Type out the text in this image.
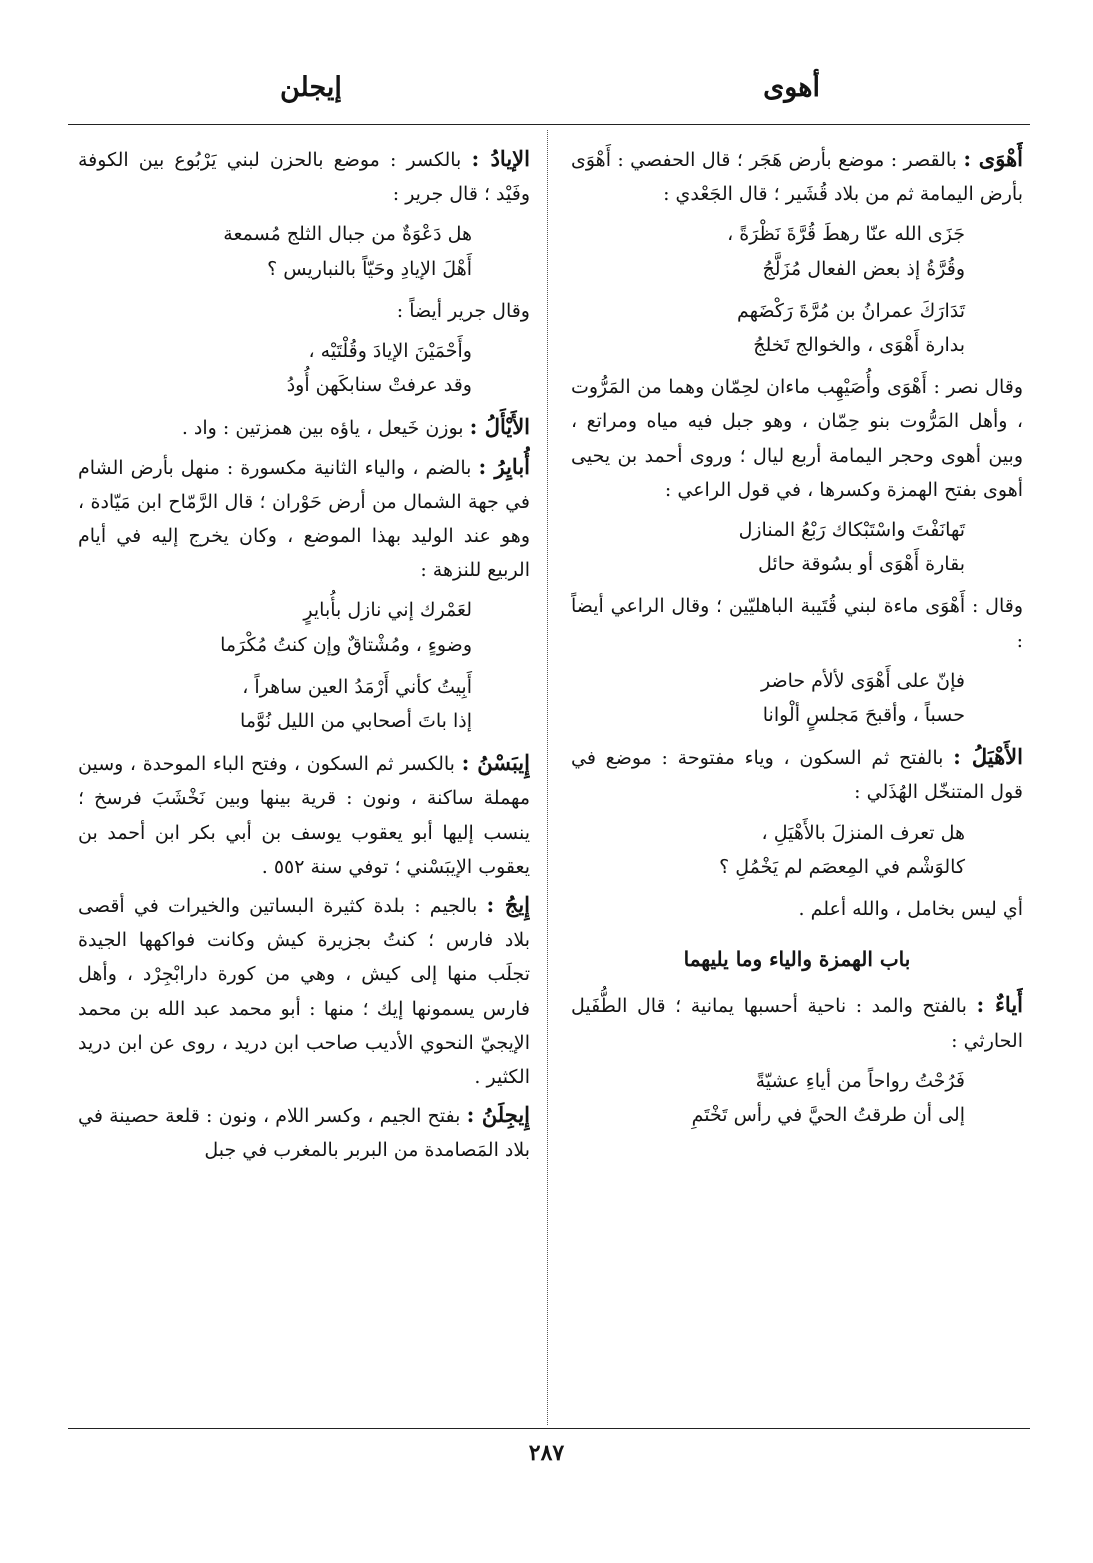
أهوى
إيجلن
أَهْوَى : بالقصر : موضع بأرض هَجَر ؛ قال الحفصي : أَهْوَى بأرض اليمامة ثم من بلاد قُشَير ؛ قال الجَعْدي :
جَزَى الله عنّا رهطَ قُرَّةَ نَظْرَةً ،
وقُرَّةُ إذ بعض الفعال مُزَلَّجُ
تَدَارَكَ عمرانُ بن مُرَّةَ رَكْضَهم
بدارة أَهْوَى ، والخوالج تَخلجُ
وقال نصر : أَهْوَى وأُصَيْهِب ماءان لحِمّان وهما من المَرُّوت ، وأهل المَرُّوت بنو حِمّان ، وهو جبل فيه مياه ومراتع ، وبين أهوى وحجر اليمامة أربع ليال ؛ وروى أحمد بن يحيى أهوى بفتح الهمزة وكسرها ، في قول الراعي :
تَهانَفْتَ واسْتَبْكاك رَبْعُ المنازل
بقارة أَهْوَى أو بسُوقة حائل
وقال : أَهْوَى ماءة لبني قُتَيبة الباهليّين ؛ وقال الراعي أيضاً :
فإنّ على أَهْوَى لألأم حاضر
حسباً ، وأقبحَ مَجلسٍ ألْوانا
الأَهْيَلُ : بالفتح ثم السكون ، وياء مفتوحة : موضع في قول المتنخّل الهُذَلي :
هل تعرف المنزلَ بالأَهْيَلِ ،
كالوَشْم في المِعصَم لم يَخْمُلِ ؟
أي ليس بخامل ، والله أعلم .
باب الهمزة والياء وما يليهما
أَياءٌ : بالفتح والمد : ناحية أحسبها يمانية ؛ قال الطُّفَيل الحارثي :
فَرُحْتُ رواحاً من أياءِ عشيّةً
إلى أن طرقتُ الحيَّ في رأس تَخْتَمِ
الإيادُ : بالكسر : موضع بالحزن لبني يَرْبُوع بين الكوفة وفَيْد ؛ قال جرير :
هل دَعْوَةٌ من جبال الثلج مُسمعة
أَهْلَ الإيادِ وحَيّاً بالنباريس ؟
وقال جرير أيضاً :
وأَحْمَيْنَ الإيادَ وقُلْتَيْه ،
وقد عرفتْ سنابكَهن أُودُ
الأَيْأَلُ : بوزن خَيعل ، ياؤه بين همزتين : واد .
أُبايِرُ : بالضم ، والياء الثانية مكسورة : منهل بأرض الشام في جهة الشمال من أرض حَوْران ؛ قال الرَّمّاح ابن مَيّادة ، وهو عند الوليد بهذا الموضع ، وكان يخرج إليه في أيام الربيع للنزهة :
لعَمْرك إني نازل بأُبايرٍ
وضوءٍ ، ومُشْتاقٌ وإن كنتُ مُكْرَما
أَبِيتُ كأني أَرْمَدُ العين ساهراً ،
إذا باتَ أصحابي من الليل نُوَّما
إِيبَسْنُ : بالكسر ثم السكون ، وفتح الباء الموحدة ، وسين مهملة ساكنة ، ونون : قرية بينها وبين نَخْشَبَ فرسخ ؛ ينسب إليها أبو يعقوب يوسف بن أبي بكر ابن أحمد بن يعقوب الإيبَسْني ؛ توفي سنة ٥٥٢ .
إِيجُ : بالجيم : بلدة كثيرة البساتين والخيرات في أقصى بلاد فارس ؛ كنتُ بجزيرة كيش وكانت فواكهها الجيدة تجلَب منها إلى كيش ، وهي من كورة دارابْجِرْد ، وأهل فارس يسمونها إيك ؛ منها : أبو محمد عبد الله بن محمد الإيجيّ النحوي الأديب صاحب ابن دريد ، روى عن ابن دريد الكثير .
إِيجِلَنُ : بفتح الجيم ، وكسر اللام ، ونون : قلعة حصينة في بلاد المَصامدة من البربر بالمغرب في جبل
٢٨٧
